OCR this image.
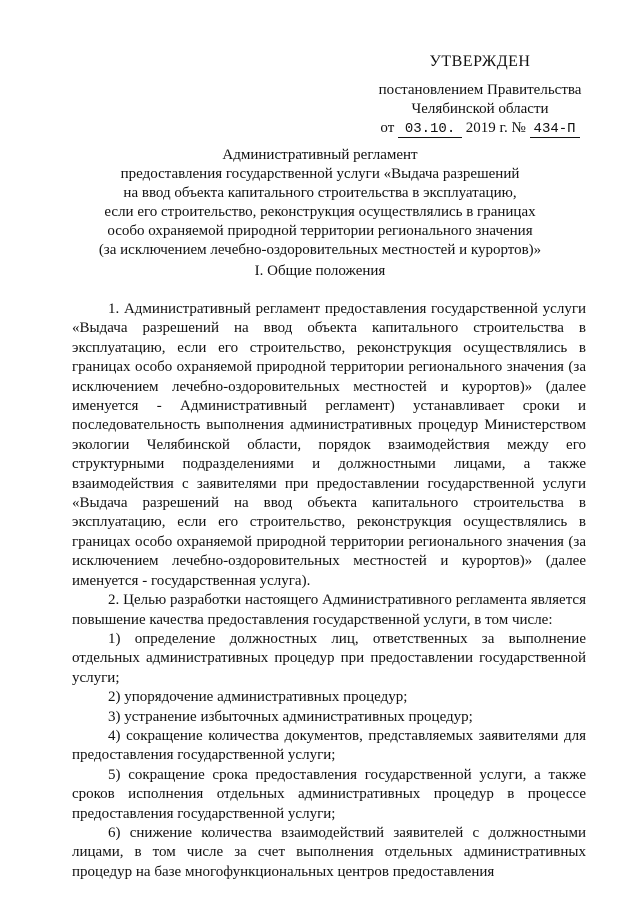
УТВЕРЖДЕН
постановлением Правительства
Челябинской области
от 03.10. 2019 г. № 434-П
Административный регламент
предоставления государственной услуги «Выдача разрешений
на ввод объекта капитального строительства в эксплуатацию,
если его строительство, реконструкция осуществлялись в границах
особо охраняемой природной территории регионального значения
(за исключением лечебно-оздоровительных местностей и курортов)»
I. Общие положения

1. Административный регламент предоставления государственной услуги «Выдача разрешений на ввод объекта капитального строительства в эксплуатацию, если его строительство, реконструкция осуществлялись в границах особо охраняемой природной территории регионального значения (за исключением лечебно-оздоровительных местностей и курортов)» (далее именуется - Административный регламент) устанавливает сроки и последовательность выполнения административных процедур Министерством экологии Челябинской области, порядок взаимодействия между его структурными подразделениями и должностными лицами, а также взаимодействия с заявителями при предоставлении государственной услуги «Выдача разрешений на ввод объекта капитального строительства в эксплуатацию, если его строительство, реконструкция осуществлялись в границах особо охраняемой природной территории регионального значения (за исключением лечебно-оздоровительных местностей и курортов)» (далее именуется - государственная услуга).

2. Целью разработки настоящего Административного регламента является повышение качества предоставления государственной услуги, в том числе:

1) определение должностных лиц, ответственных за выполнение отдельных административных процедур при предоставлении государственной услуги;

2) упорядочение административных процедур;

3) устранение избыточных административных процедур;

4) сокращение количества документов, представляемых заявителями для предоставления государственной услуги;

5) сокращение срока предоставления государственной услуги, а также сроков исполнения отдельных административных процедур в процессе предоставления государственной услуги;

6) снижение количества взаимодействий заявителей с должностными лицами, в том числе за счет выполнения отдельных административных процедур на базе многофункциональных центров предоставления
